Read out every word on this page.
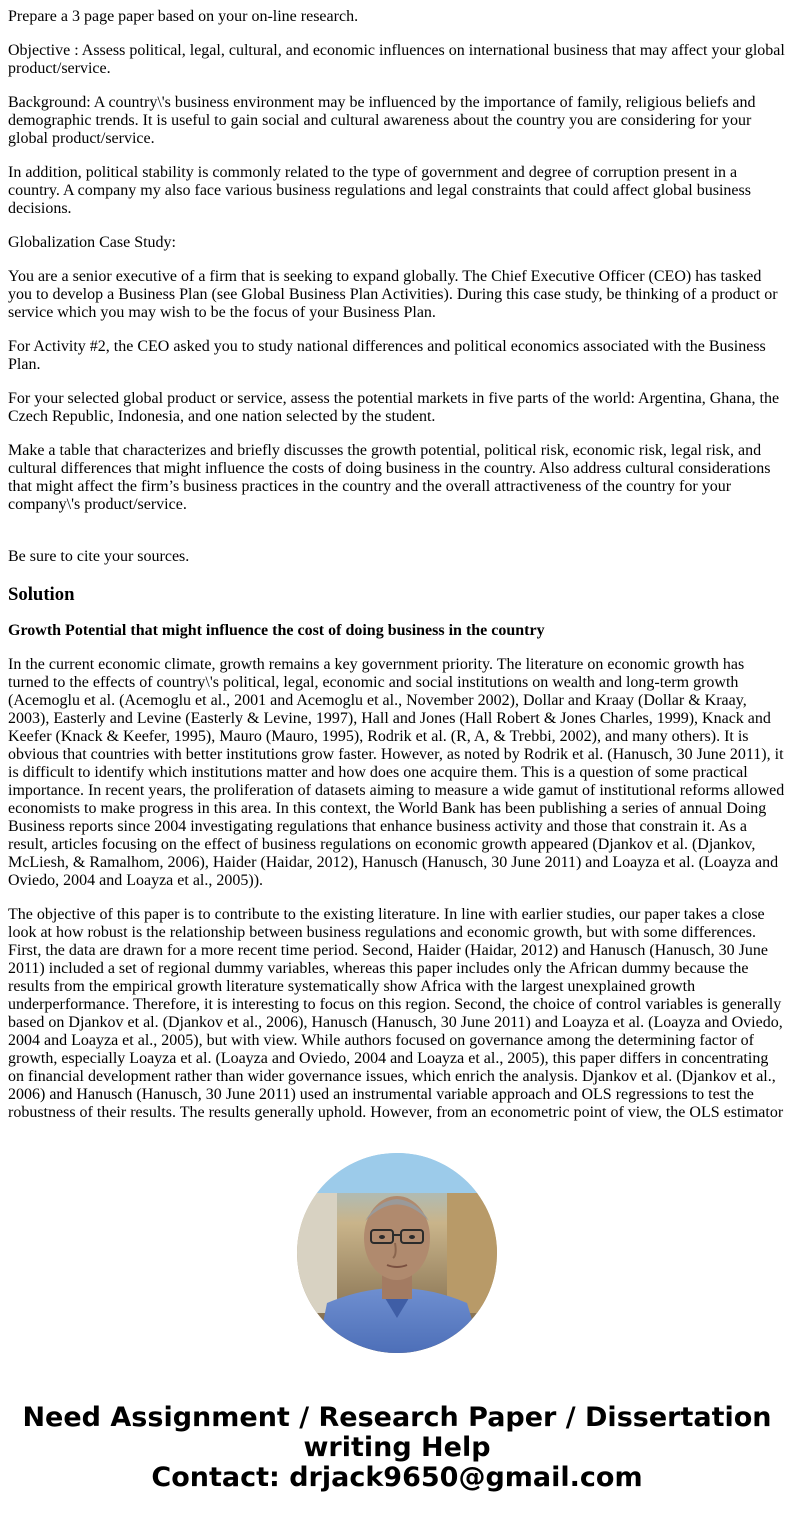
Prepare a 3 page paper based on your on-line research.

Objective : Assess political, legal, cultural, and economic influences on international business that may affect your global product/service.

Background: A country\'s business environment may be influenced by the importance of family, religious beliefs and demographic trends. It is useful to gain social and cultural awareness about the country you are considering for your global product/service.

In addition, political stability is commonly related to the type of government and degree of corruption present in a country. A company my also face various business regulations and legal constraints that could affect global business decisions.

Globalization Case Study:

You are a senior executive of a firm that is seeking to expand globally. The Chief Executive Officer (CEO) has tasked you to develop a Business Plan (see Global Business Plan Activities). During this case study, be thinking of a product or service which you may wish to be the focus of your Business Plan.

For Activity #2, the CEO asked you to study national differences and political economics associated with the Business Plan.

For your selected global product or service, assess the potential markets in five parts of the world: Argentina, Ghana, the Czech Republic, Indonesia, and one nation selected by the student.

Make a table that characterizes and briefly discusses the growth potential, political risk, economic risk, legal risk, and cultural differences that might influence the costs of doing business in the country. Also address cultural considerations that might affect the firm’s business practices in the country and the overall attractiveness of the country for your company\'s product/service.

Be sure to cite your sources.

Solution
Growth Potential that might influence the cost of doing business in the country

In the current economic climate, growth remains a key government priority. The literature on economic growth has turned to the effects of country\'s political, legal, economic and social institutions on wealth and long-term growth (Acemoglu et al. (Acemoglu et al., 2001 and Acemoglu et al., November 2002), Dollar and Kraay (Dollar & Kraay, 2003), Easterly and Levine (Easterly & Levine, 1997), Hall and Jones (Hall Robert & Jones Charles, 1999), Knack and Keefer (Knack & Keefer, 1995), Mauro (Mauro, 1995), Rodrik et al. (R, A, & Trebbi, 2002), and many others). It is obvious that countries with better institutions grow faster. However, as noted by Rodrik et al. (Hanusch, 30 June 2011), it is difficult to identify which institutions matter and how does one acquire them. This is a question of some practical importance. In recent years, the proliferation of datasets aiming to measure a wide gamut of institutional reforms allowed economists to make progress in this area. In this context, the World Bank has been publishing a series of annual Doing Business reports since 2004 investigating regulations that enhance business activity and those that constrain it. As a result, articles focusing on the effect of business regulations on economic growth appeared (Djankov et al. (Djankov, McLiesh, & Ramalhom, 2006), Haider (Haidar, 2012), Hanusch (Hanusch, 30 June 2011) and Loayza et al. (Loayza and Oviedo, 2004 and Loayza et al., 2005)).

The objective of this paper is to contribute to the existing literature. In line with earlier studies, our paper takes a close look at how robust is the relationship between business regulations and economic growth, but with some differences. First, the data are drawn for a more recent time period. Second, Haider (Haidar, 2012) and Hanusch (Hanusch, 30 June 2011) included a set of regional dummy variables, whereas this paper includes only the African dummy because the results from the empirical growth literature systematically show Africa with the largest unexplained growth underperformance. Therefore, it is interesting to focus on this region. Second, the choice of control variables is generally based on Djankov et al. (Djankov et al., 2006), Hanusch (Hanusch, 30 June 2011) and Loayza et al. (Loayza and Oviedo, 2004 and Loayza et al., 2005), but with view. While authors focused on governance among the determining factor of growth, especially Loayza et al. (Loayza and Oviedo, 2004 and Loayza et al., 2005), this paper differs in concentrating on financial development rather than wider governance issues, which enrich the analysis. Djankov et al. (Djankov et al., 2006) and Hanusch (Hanusch, 30 June 2011) used an instrumental variable approach and OLS regressions to test the robustness of their results. The results generally uphold. However, from an econometric point of view, the OLS estimator

Need Assignment / Research Paper / Dissertation
writing Help
Contact: drjack9650@gmail.com
